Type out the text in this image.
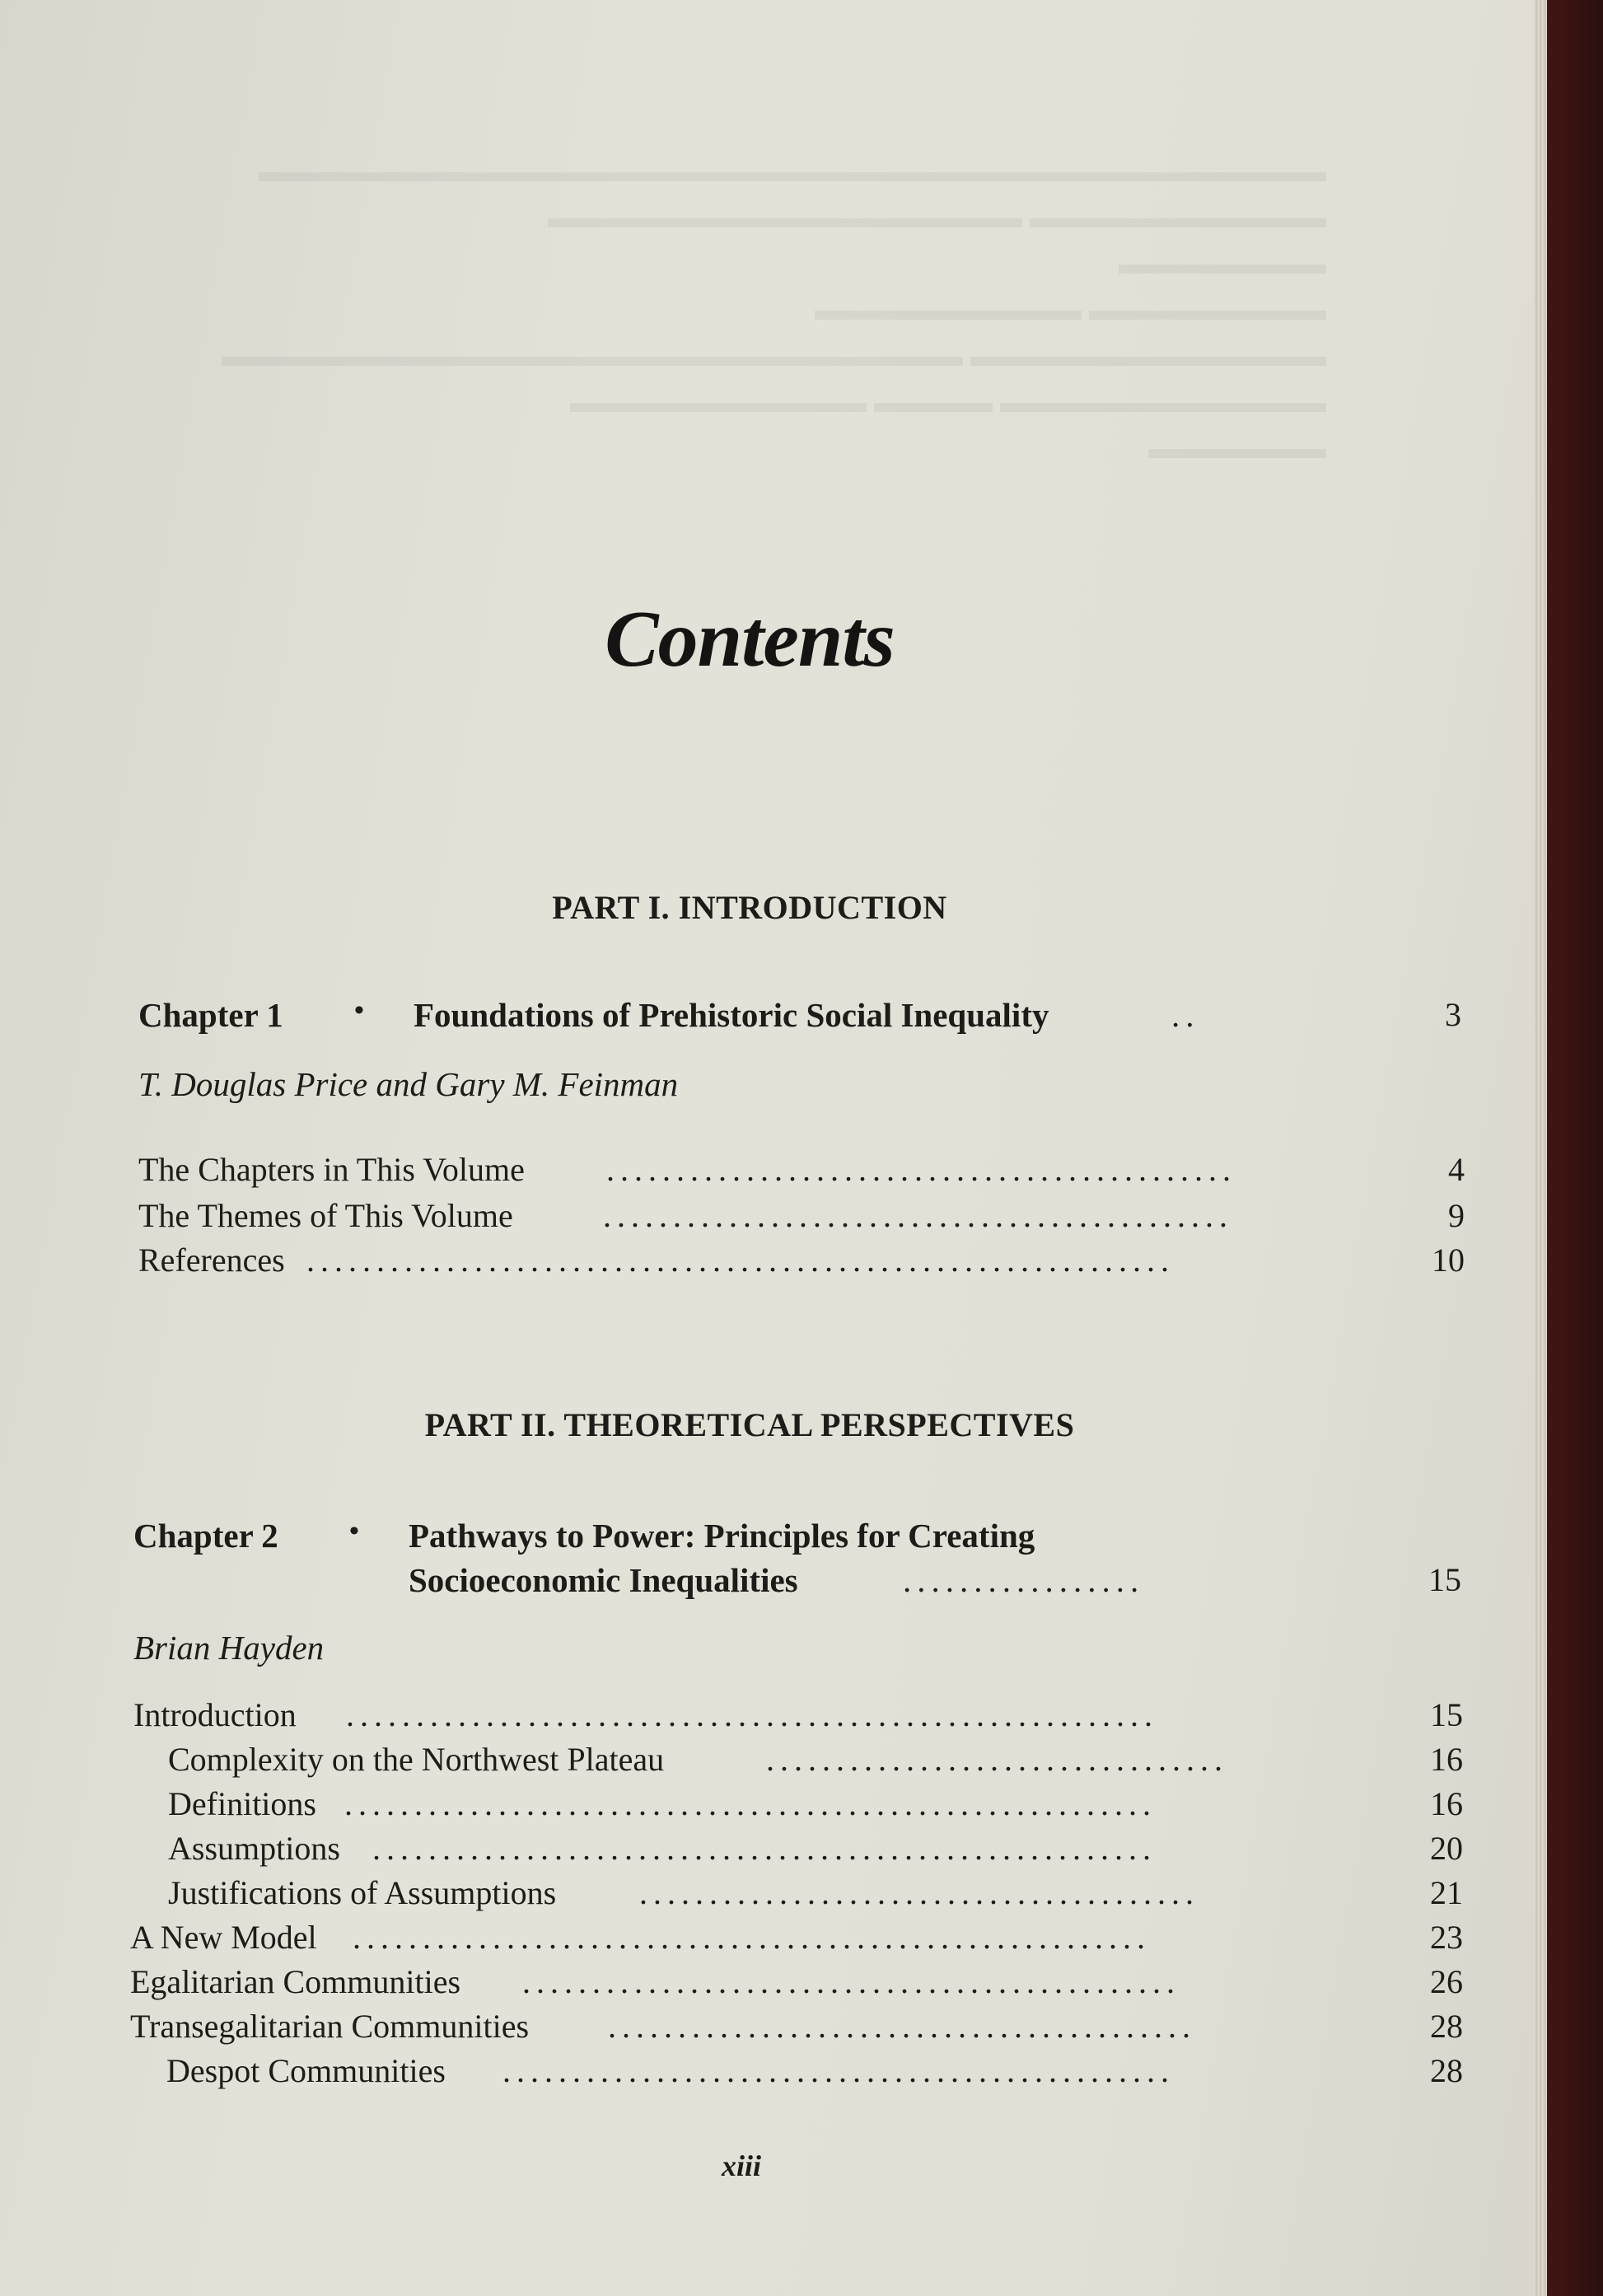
▬▬▬▬▬▬▬▬▬▬▬▬▬▬▬▬▬▬▬▬▬▬▬▬▬▬▬▬▬▬▬▬▬▬▬▬
▬▬▬▬▬▬▬▬▬▬ ▬▬▬▬▬▬▬▬▬▬▬▬▬▬▬▬
▬▬▬▬▬▬▬
▬▬▬▬▬▬▬▬ ▬▬▬▬▬▬▬▬▬
▬▬▬▬▬▬▬▬▬▬▬▬ ▬▬▬▬▬▬▬▬▬▬▬▬▬▬▬▬▬▬▬▬▬▬▬▬▬
▬▬▬▬▬▬▬▬▬▬▬ ▬▬▬▬ ▬▬▬▬▬▬▬▬▬▬
▬▬▬▬▬▬
Contents
PART I. INTRODUCTION
Chapter 1	• Foundations of Prehistoric Social Inequality	..	3
T. Douglas Price and Gary M. Feinman
The Chapters in This Volume .............................................	4
The Themes of This Volume	.............................................	9
References ..............................................................	10
PART II. THEORETICAL PERSPECTIVES
Chapter 2	• Pathways to Power: Principles for Creating
Socioeconomic Inequalities	.................	15
Brian Hayden
Introduction ..........................................................	15
Complexity on the Northwest Plateau	.................................	16
Definitions ..........................................................	16
Assumptions ........................................................	20
Justifications of Assumptions	........................................	21
A New Model .........................................................	23
Egalitarian Communities ...............................................	26
Transegalitarian Communities ..........................................	28
Despot Communities ................................................	28
xiii
